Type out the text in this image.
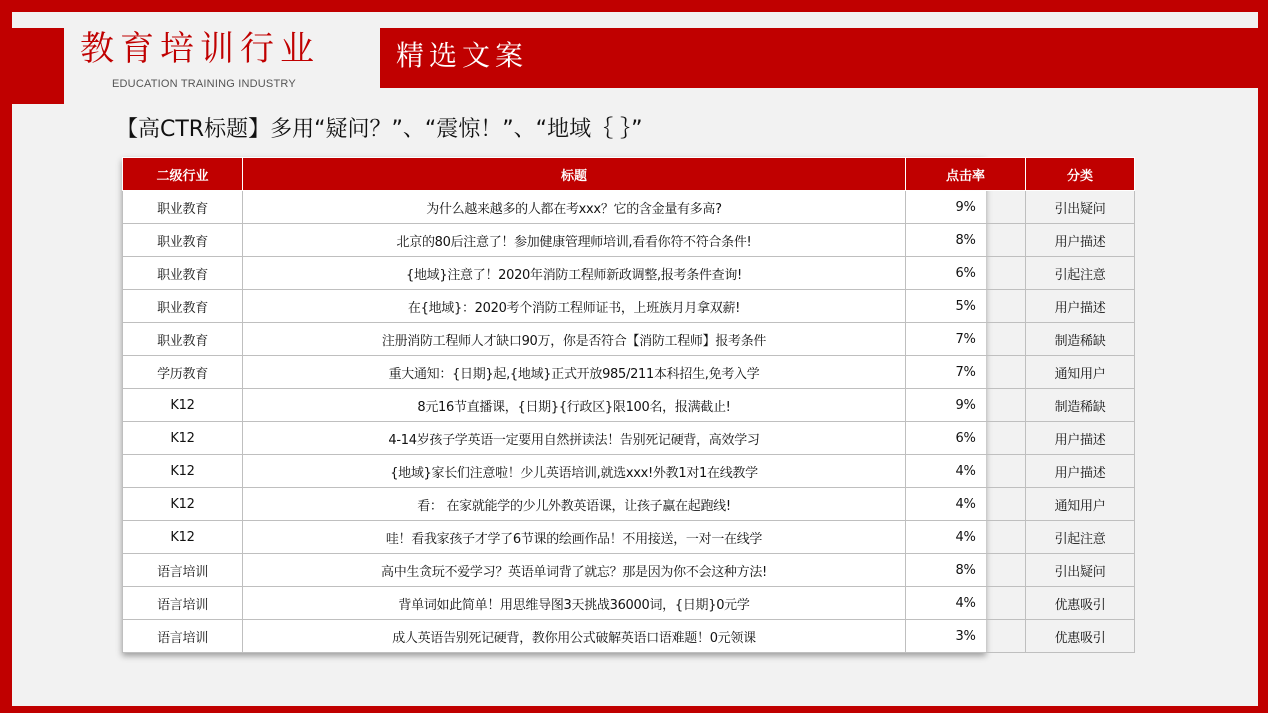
教育培训行业
EDUCATION TRAINING INDUSTRY
精选文案
【高CTR标题】多用“疑问？”、“震惊！”、“地域｛ ｝”
二级行业	标题	点击率	分类
职业教育	为什么越来越多的人都在考xxx？它的含金量有多高?	9%	引出疑问
职业教育	北京的80后注意了！参加健康管理师培训,看看你符不符合条件!	8%	用户描述
职业教育	{地域}注意了！2020年消防工程师新政调整,报考条件查询!	6%	引起注意
职业教育	在{地域}：2020考个消防工程师证书，上班族月月拿双薪!	5%	用户描述
职业教育	注册消防工程师人才缺口90万，你是否符合【消防工程师】报考条件	7%	制造稀缺
学历教育	重大通知：{日期}起,{地域}正式开放985/211本科招生,免考入学	7%	通知用户
K12	8元16节直播课，{日期}{行政区}限100名，报满截止!	9%	制造稀缺
K12	4-14岁孩子学英语一定要用自然拼读法！告别死记硬背，高效学习	6%	用户描述
K12	{地域}家长们注意啦！少儿英语培训,就选xxx!外教1对1在线教学	4%	用户描述
K12	看： 在家就能学的少儿外教英语课，让孩子赢在起跑线!	4%	通知用户
K12	哇！看我家孩子才学了6节课的绘画作品！不用接送，一对一在线学	4%	引起注意
语言培训	高中生贪玩不爱学习？英语单词背了就忘？那是因为你不会这种方法!	8%	引出疑问
语言培训	背单词如此简单！用思维导图3天挑战36000词，{日期}0元学	4%	优惠吸引
语言培训	成人英语告别死记硬背，教你用公式破解英语口语难题！0元领课	3%	优惠吸引
